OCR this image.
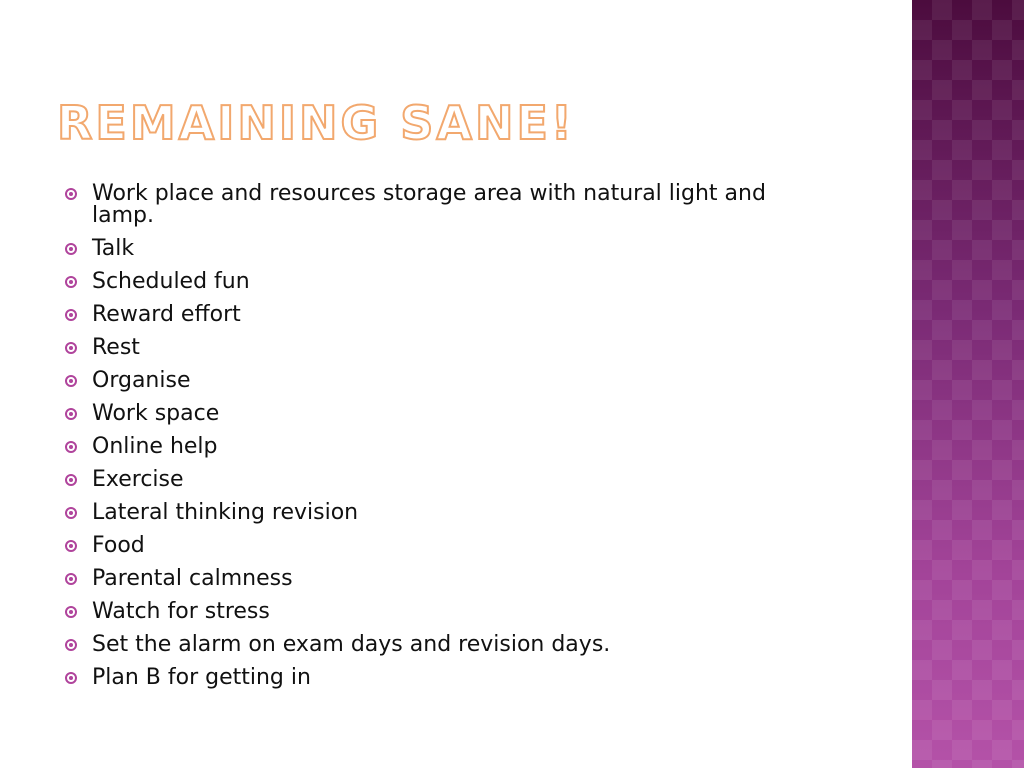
REMAINING SANE!
Work place and resources storage area with natural light and lamp.
Talk
Scheduled fun
Reward effort
Rest
Organise
Work space
Online help
Exercise
Lateral thinking revision
Food
Parental calmness
Watch for stress
Set the alarm on exam days and revision days.
Plan B for getting in
